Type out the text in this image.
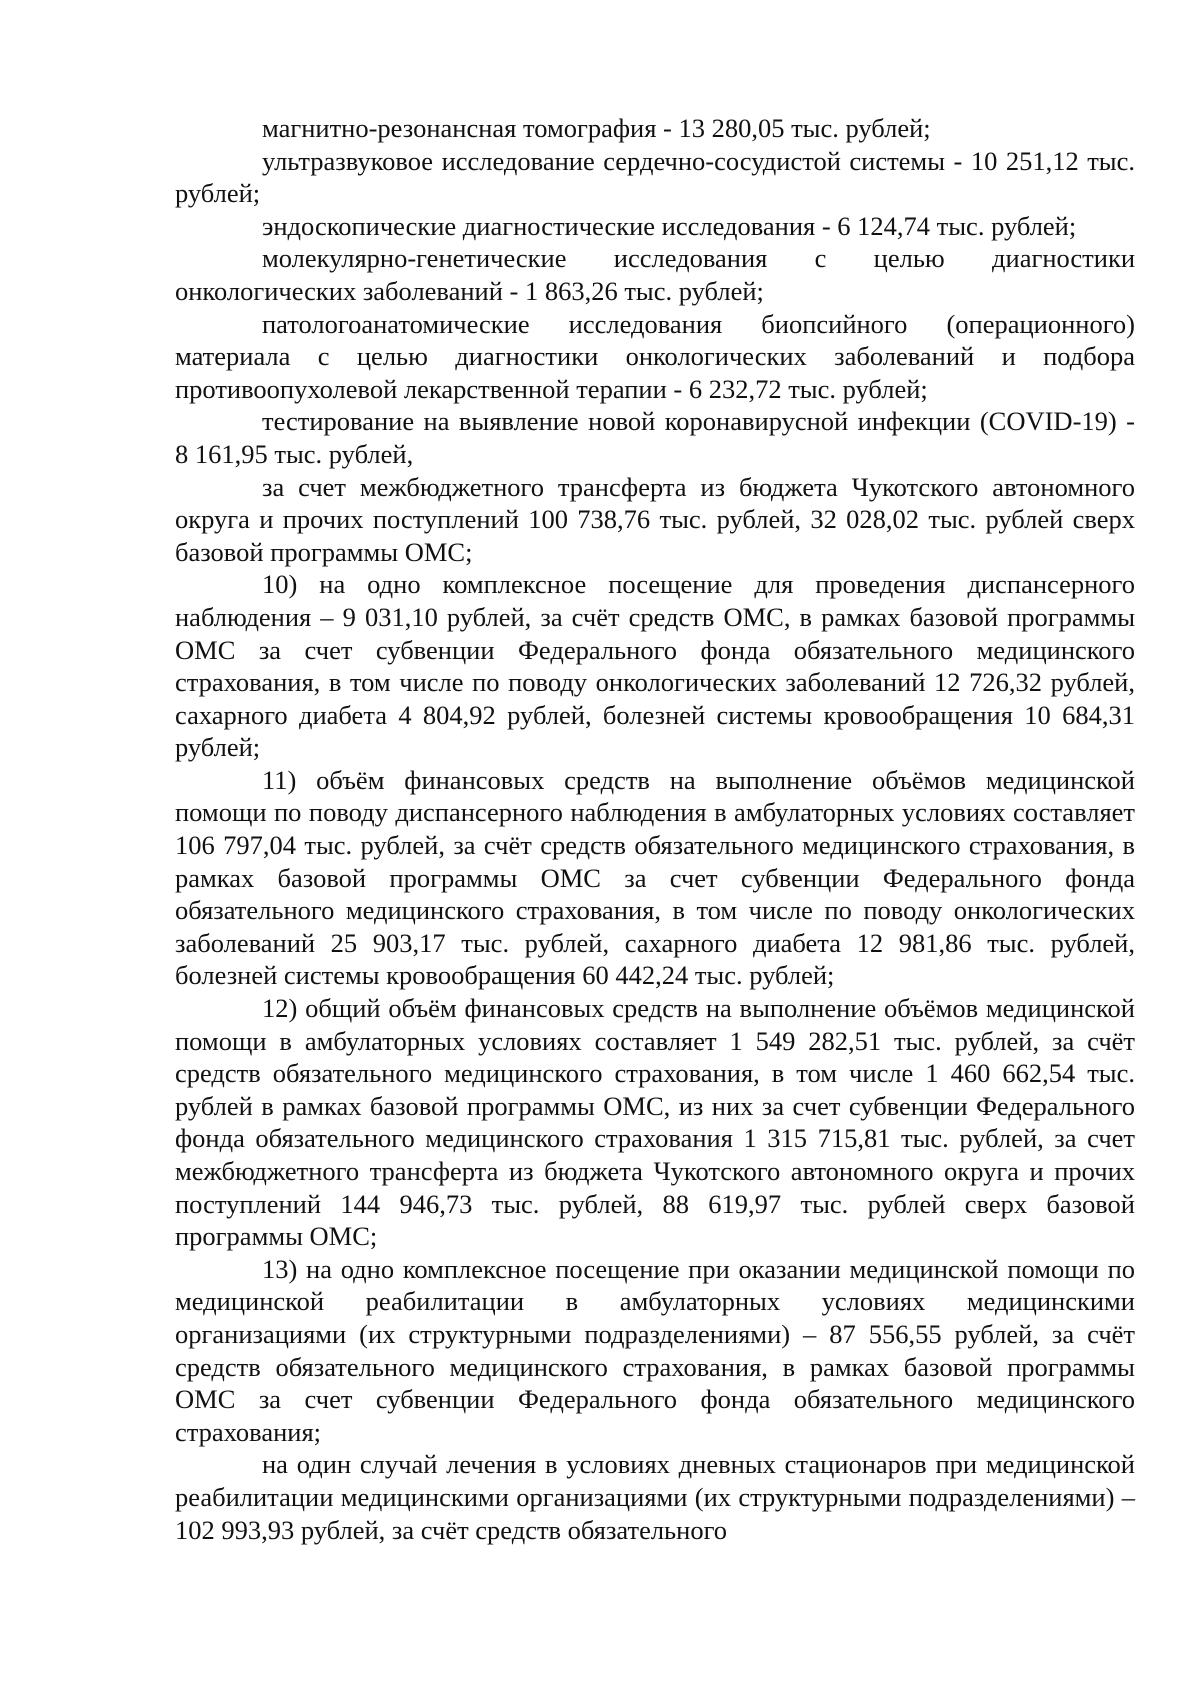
магнитно-резонансная томография - 13 280,05 тыс. рублей;

ультразвуковое исследование сердечно-сосудистой системы - 10 251,12 тыс. рублей;

эндоскопические диагностические исследования - 6 124,74 тыс. рублей;

молекулярно-генетические исследования с целью диагностики онкологических заболеваний - 1 863,26 тыс. рублей;

патологоанатомические исследования биопсийного (операционного) материала с целью диагностики онкологических заболеваний и подбора противоопухолевой лекарственной терапии - 6 232,72 тыс. рублей;

тестирование на выявление новой коронавирусной инфекции (COVID-19) - 8 161,95 тыс. рублей,

за счет межбюджетного трансферта из бюджета Чукотского автономного округа и прочих поступлений 100 738,76 тыс. рублей, 32 028,02 тыс. рублей сверх базовой программы ОМС;

10) на одно комплексное посещение для проведения диспансерного наблюдения – 9 031,10 рублей, за счёт средств ОМС, в рамках базовой программы ОМС за счет субвенции Федерального фонда обязательного медицинского страхования, в том числе по поводу онкологических заболеваний 12 726,32 рублей, сахарного диабета 4 804,92 рублей, болезней системы кровообращения 10 684,31 рублей;

11) объём финансовых средств на выполнение объёмов медицинской помощи по поводу диспансерного наблюдения в амбулаторных условиях составляет 106 797,04 тыс. рублей, за счёт средств обязательного медицинского страхования, в рамках базовой программы ОМС за счет субвенции Федерального фонда обязательного медицинского страхования, в том числе по поводу онкологических заболеваний 25 903,17 тыс. рублей, сахарного диабета 12 981,86 тыс. рублей, болезней системы кровообращения 60 442,24 тыс. рублей;

12) общий объём финансовых средств на выполнение объёмов медицинской помощи в амбулаторных условиях составляет 1 549 282,51 тыс. рублей, за счёт средств обязательного медицинского страхования, в том числе 1 460 662,54 тыс. рублей в рамках базовой программы ОМС, из них за счет субвенции Федерального фонда обязательного медицинского страхования 1 315 715,81 тыс. рублей, за счет межбюджетного трансферта из бюджета Чукотского автономного округа и прочих поступлений 144 946,73 тыс. рублей, 88 619,97 тыс. рублей сверх базовой программы ОМС;

13) на одно комплексное посещение при оказании медицинской помощи по медицинской реабилитации в амбулаторных условиях медицинскими организациями (их структурными подразделениями) – 87 556,55 рублей, за счёт средств обязательного медицинского страхования, в рамках базовой программы ОМС за счет субвенции Федерального фонда обязательного медицинского страхования;

на один случай лечения в условиях дневных стационаров при медицинской реабилитации медицинскими организациями (их структурными подразделениями) – 102 993,93 рублей, за счёт средств обязательного
